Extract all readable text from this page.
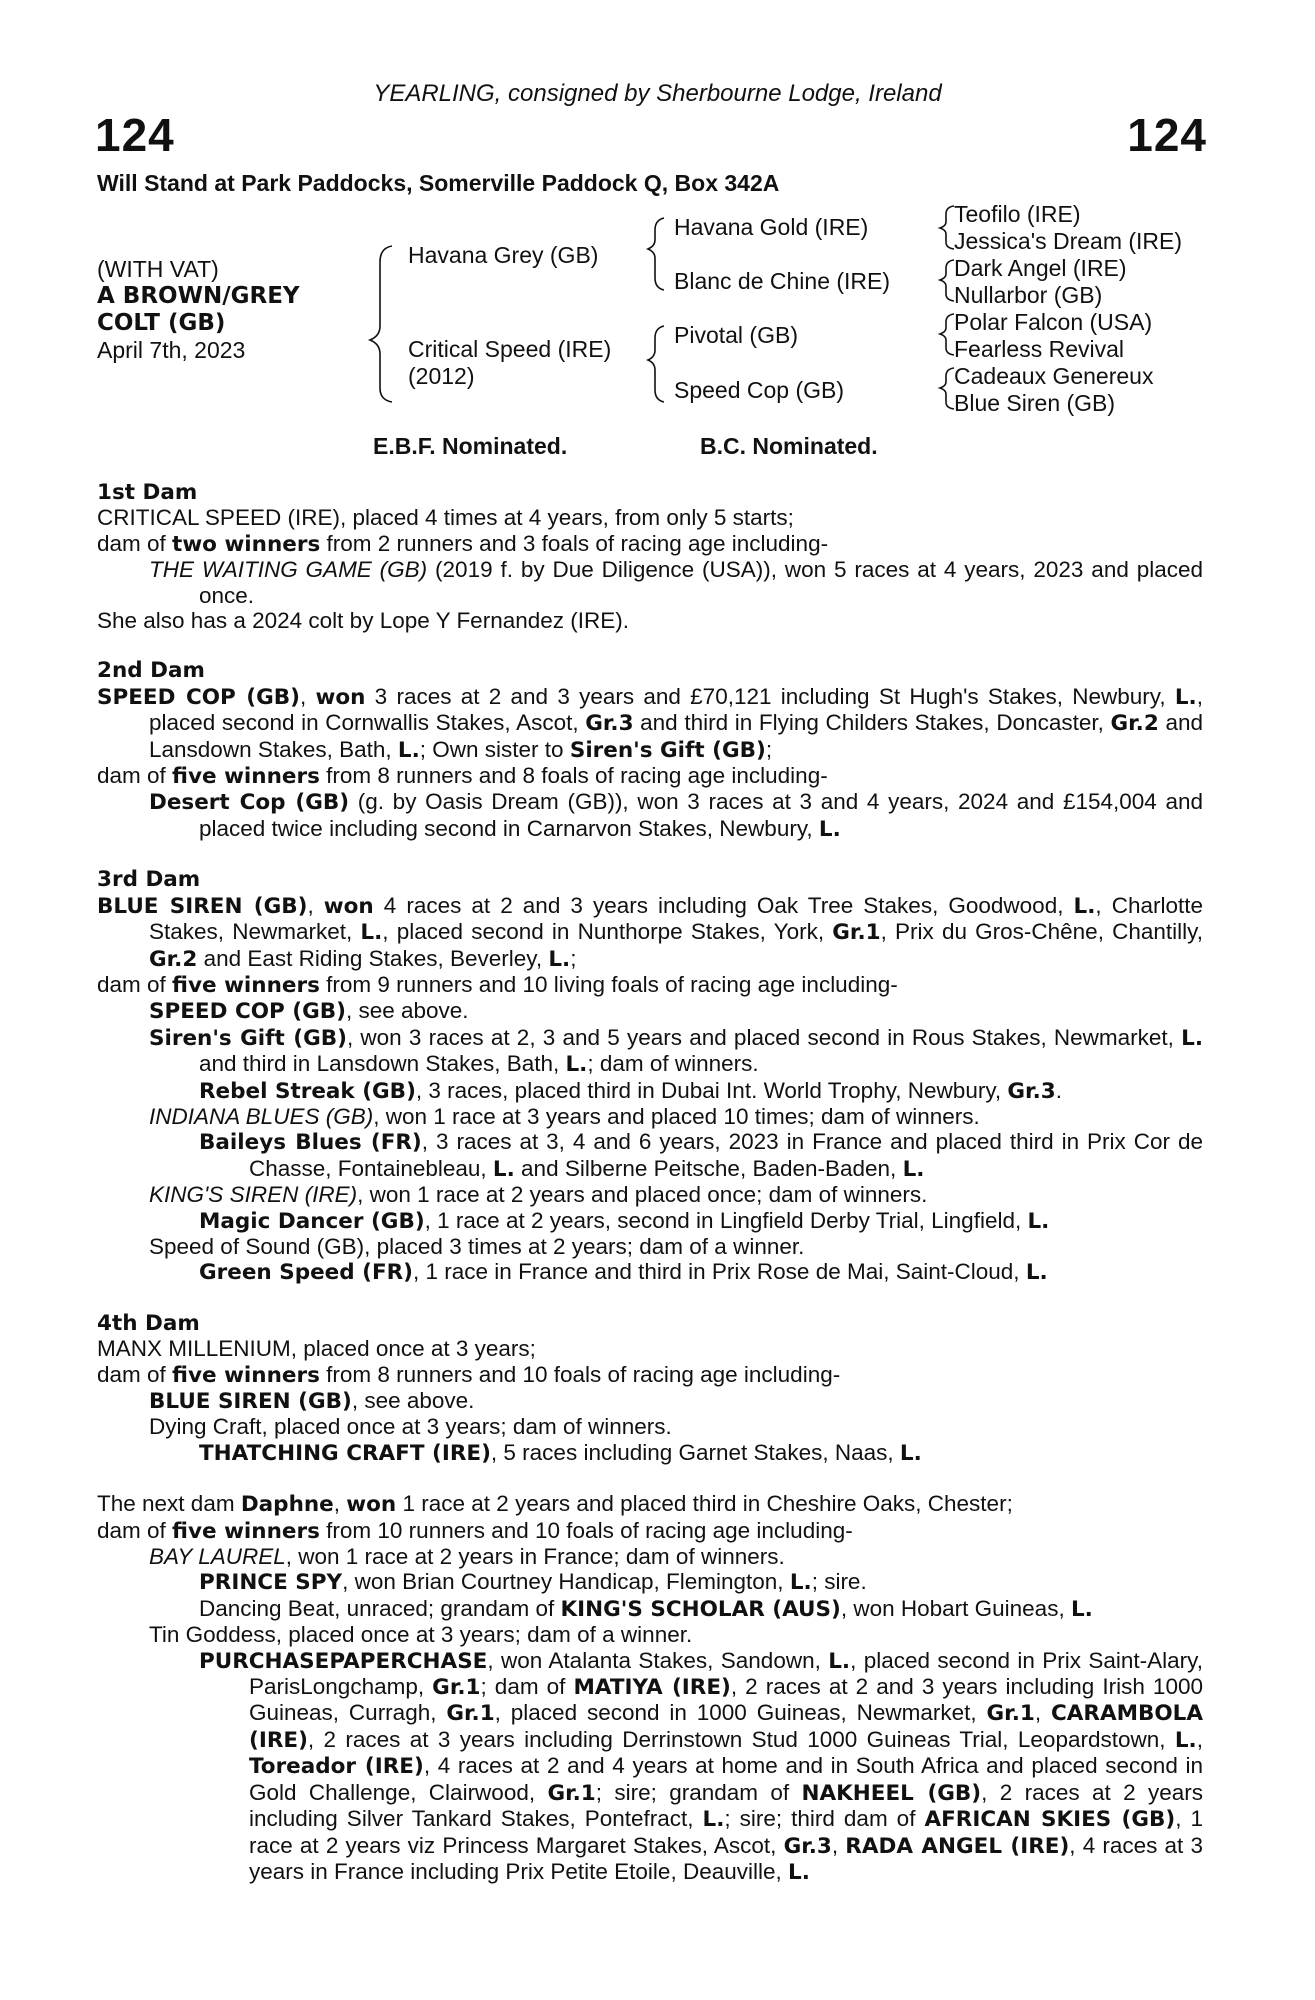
YEARLING, consigned by Sherbourne Lodge, Ireland
124	124
Will Stand at Park Paddocks, Somerville Paddock Q, Box 342A
(WITH VAT)
A BROWN/GREY
COLT (GB)
April 7th, 2023
Havana Grey (GB)
Critical Speed (IRE)
(2012)
Havana Gold (IRE)
Blanc de Chine (IRE)
Pivotal (GB)
Speed Cop (GB)
Teofilo (IRE)
Jessica's Dream (IRE)
Dark Angel (IRE)
Nullarbor (GB)
Polar Falcon (USA)
Fearless Revival
Cadeaux Genereux
Blue Siren (GB)
E.B.F. Nominated.	B.C. Nominated.

1st Dam

CRITICAL SPEED (IRE), placed 4 times at 4 years, from only 5 starts;

dam of two winners from 2 runners and 3 foals of racing age including-

THE WAITING GAME (GB) (2019 f. by Due Diligence (USA)), won 5 races at 4 years, 2023 and placed once.

She also has a 2024 colt by Lope Y Fernandez (IRE).

2nd Dam

SPEED COP (GB), won 3 races at 2 and 3 years and £70,121 including St Hugh's Stakes, Newbury, L., placed second in Cornwallis Stakes, Ascot, Gr.3 and third in Flying Childers Stakes, Doncaster, Gr.2 and Lansdown Stakes, Bath, L.; Own sister to Siren's Gift (GB);

dam of five winners from 8 runners and 8 foals of racing age including-

Desert Cop (GB) (g. by Oasis Dream (GB)), won 3 races at 3 and 4 years, 2024 and £154,004 and placed twice including second in Carnarvon Stakes, Newbury, L.

3rd Dam

BLUE SIREN (GB), won 4 races at 2 and 3 years including Oak Tree Stakes, Goodwood, L., Charlotte Stakes, Newmarket, L., placed second in Nunthorpe Stakes, York, Gr.1, Prix du Gros-Chêne, Chantilly, Gr.2 and East Riding Stakes, Beverley, L.;

dam of five winners from 9 runners and 10 living foals of racing age including-

SPEED COP (GB), see above.

Siren's Gift (GB), won 3 races at 2, 3 and 5 years and placed second in Rous Stakes, Newmarket, L. and third in Lansdown Stakes, Bath, L.; dam of winners.

Rebel Streak (GB), 3 races, placed third in Dubai Int. World Trophy, Newbury, Gr.3.

INDIANA BLUES (GB), won 1 race at 3 years and placed 10 times; dam of winners.

Baileys Blues (FR), 3 races at 3, 4 and 6 years, 2023 in France and placed third in Prix Cor de Chasse, Fontainebleau, L. and Silberne Peitsche, Baden-Baden, L.

KING'S SIREN (IRE), won 1 race at 2 years and placed once; dam of winners.

Magic Dancer (GB), 1 race at 2 years, second in Lingfield Derby Trial, Lingfield, L.

Speed of Sound (GB), placed 3 times at 2 years; dam of a winner.

Green Speed (FR), 1 race in France and third in Prix Rose de Mai, Saint-Cloud, L.

4th Dam

MANX MILLENIUM, placed once at 3 years;

dam of five winners from 8 runners and 10 foals of racing age including-

BLUE SIREN (GB), see above.

Dying Craft, placed once at 3 years; dam of winners.

THATCHING CRAFT (IRE), 5 races including Garnet Stakes, Naas, L.

The next dam Daphne, won 1 race at 2 years and placed third in Cheshire Oaks, Chester;

dam of five winners from 10 runners and 10 foals of racing age including-

BAY LAUREL, won 1 race at 2 years in France; dam of winners.

PRINCE SPY, won Brian Courtney Handicap, Flemington, L.; sire.

Dancing Beat, unraced; grandam of KING'S SCHOLAR (AUS), won Hobart Guineas, L.

Tin Goddess, placed once at 3 years; dam of a winner.

PURCHASEPAPERCHASE, won Atalanta Stakes, Sandown, L., placed second in Prix Saint-Alary, ParisLongchamp, Gr.1; dam of MATIYA (IRE), 2 races at 2 and 3 years including Irish 1000 Guineas, Curragh, Gr.1, placed second in 1000 Guineas, Newmarket, Gr.1, CARAMBOLA (IRE), 2 races at 3 years including Derrinstown Stud 1000 Guineas Trial, Leopardstown, L., Toreador (IRE), 4 races at 2 and 4 years at home and in South Africa and placed second in Gold Challenge, Clairwood, Gr.1; sire; grandam of NAKHEEL (GB), 2 races at 2 years including Silver Tankard Stakes, Pontefract, L.; sire; third dam of AFRICAN SKIES (GB), 1 race at 2 years viz Princess Margaret Stakes, Ascot, Gr.3, RADA ANGEL (IRE), 4 races at 3 years in France including Prix Petite Etoile, Deauville, L.
